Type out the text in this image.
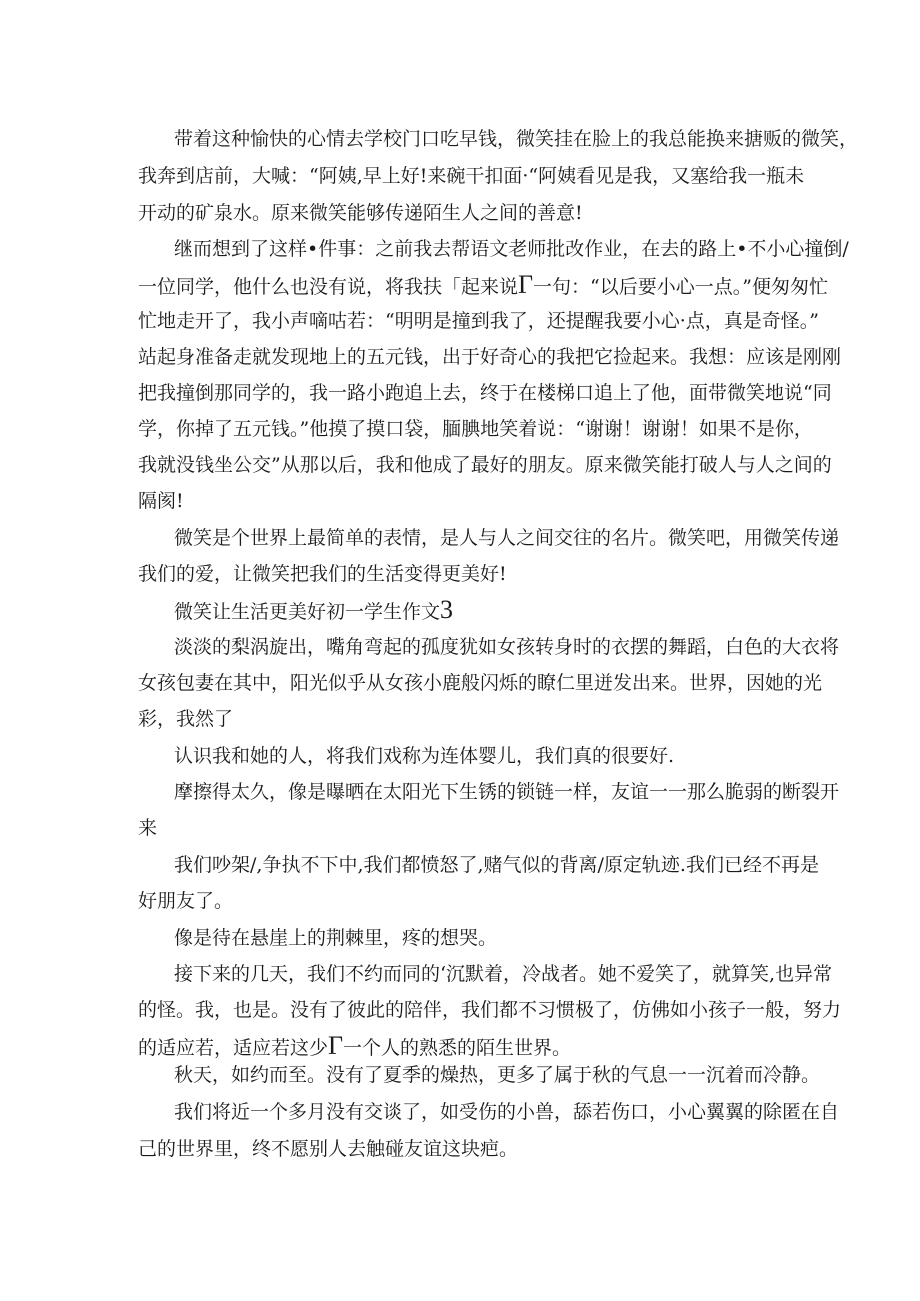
带着这种愉快的心情去学校门口吃早钱，微笑挂在脸上的我总能换来搪贩的微笑，
我奔到店前，大喊：“阿姨,早上好!来碗干扣面·“阿姨看见是我，又塞给我一瓶未
开动的矿泉水。原来微笑能够传递陌生人之间的善意!
继而想到了这样•件事：之前我去帮语文老师批改作业，在去的路上•不小心撞倒/
一位同学，他什么也没有说，将我扶「起来说Γ一句：“以后要小心一点。”便匆匆忙
忙地走开了，我小声嘀咕若：“明明是撞到我了，还提醒我要小心·点，真是奇怪。”
站起身准备走就发现地上的五元钱，出于好奇心的我把它捡起来。我想：应该是刚刚
把我撞倒那同学的，我一路小跑追上去，终于在楼梯口追上了他，面带微笑地说“同
学，你掉了五元钱。”他摸了摸口袋，腼腆地笑着说：“谢谢！谢谢！如果不是你，
我就没钱坐公交”从那以后，我和他成了最好的朋友。原来微笑能打破人与人之间的
隔阂!
微笑是个世界上最简单的表情，是人与人之间交往的名片。微笑吧，用微笑传递
我们的爱，让微笑把我们的生活变得更美好!
微笑让生活更美好初一学生作文3
淡淡的梨涡旋出，嘴角弯起的孤度犹如女孩转身时的衣摆的舞蹈，白色的大衣将
女孩包妻在其中，阳光似乎从女孩小鹿般闪烁的瞭仁里迸发出来。世界，因她的光
彩，我然了
认识我和她的人，将我们戏称为连体婴儿，我们真的很要好.
摩擦得太久，像是曝晒在太阳光下生锈的锁链一样，友谊一一那么脆弱的断裂开
来
我们吵架/,争执不下中,我们都愤怒了,赌气似的背离/原定轨迹.我们已经不再是
好朋友了。
像是待在悬崖上的荆棘里，疼的想哭。
接下来的几天，我们不约而同的‘沉默着，冷战者。她不爱笑了，就算笑,也异常
的怪。我，也是。没有了彼此的陪伴，我们都不习惯极了，仿佛如小孩子一般，努力
的适应若，适应若这少Γ一个人的熟悉的陌生世界。
秋天，如约而至。没有了夏季的燥热，更多了属于秋的气息一一沉着而冷静。
我们将近一个多月没有交谈了，如受伤的小兽，舔若伤口，小心翼翼的除匿在自
己的世界里，终不愿别人去触碰友谊这块疤。
